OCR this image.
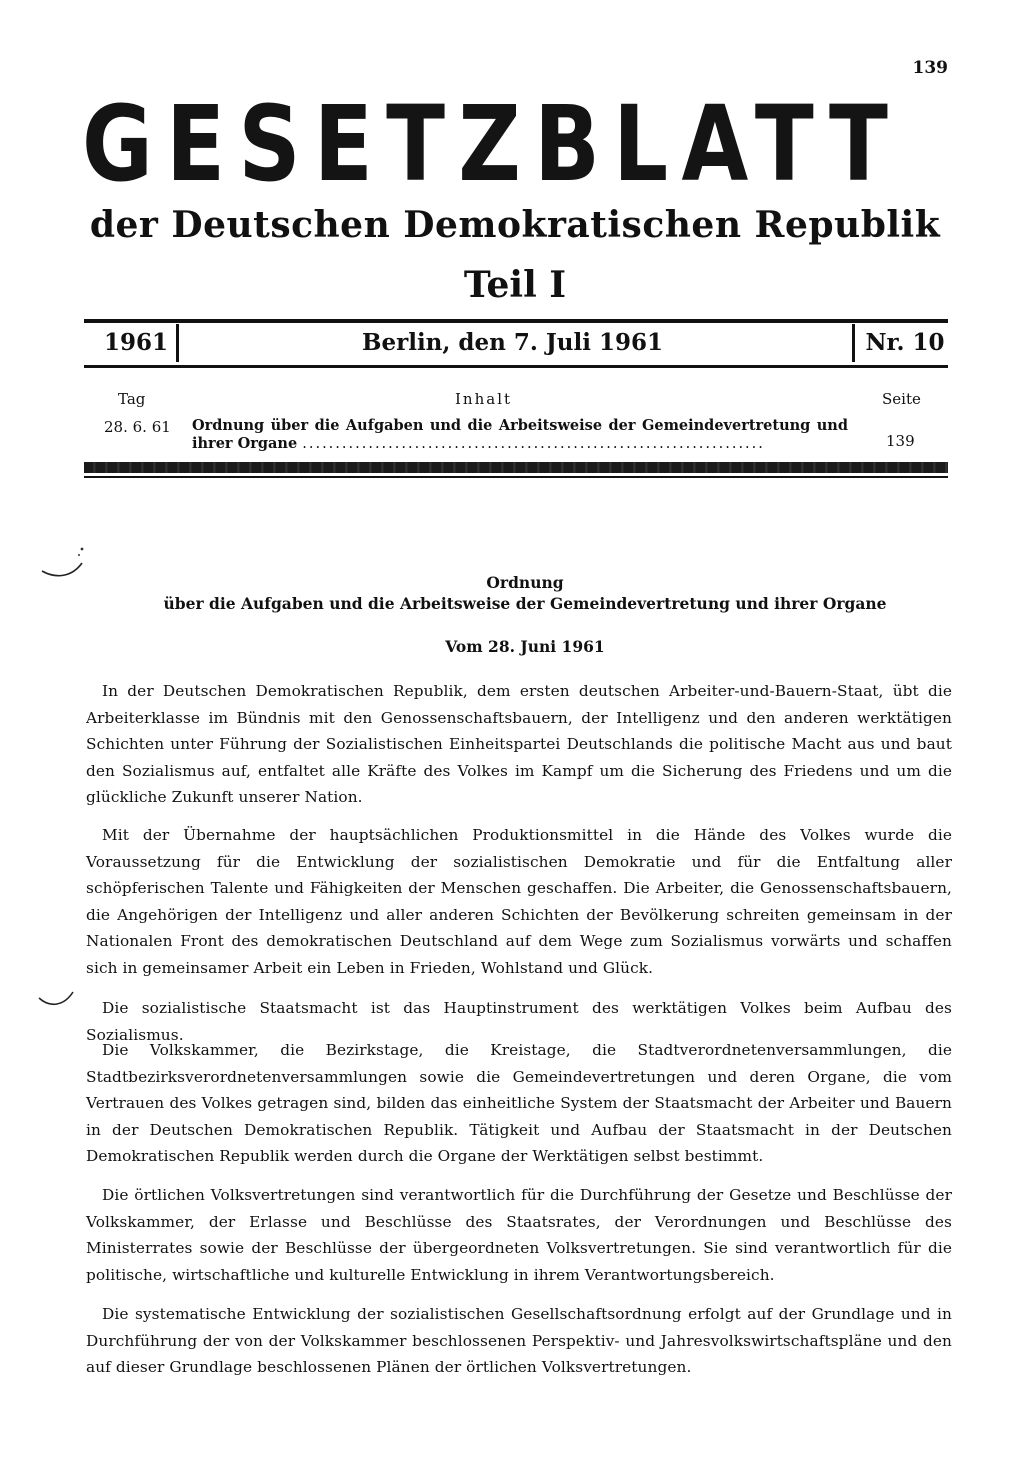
139
GESETZBLATT
der Deutschen Demokratischen Republik
Teil I
1961	Berlin, den 7. Juli 1961	Nr. 10
Tag	Inhalt	Seite
28. 6. 61 Ordnung über die Aufgaben und die Arbeitsweise der Gemeindevertretung und ihrer Organe ......................................................................	139
Ordnung
über die Aufgaben und die Arbeitsweise der Gemeindevertretung und ihrer Organe
Vom 28. Juni 1961
In der Deutschen Demokratischen Republik, dem ersten deutschen Arbeiter-und-Bauern-Staat, übt die Arbeiterklasse im Bündnis mit den Genossenschaftsbauern, der Intelligenz und den anderen werktätigen Schichten unter Führung der Sozialistischen Einheitspartei Deutschlands die politische Macht aus und baut den Sozialismus auf, entfaltet alle Kräfte des Volkes im Kampf um die Sicherung des Friedens und um die glückliche Zukunft unserer Nation.
Mit der Übernahme der hauptsächlichen Produktionsmittel in die Hände des Volkes wurde die Voraussetzung für die Entwicklung der sozialistischen Demokratie und für die Entfaltung aller schöpferischen Talente und Fähigkeiten der Menschen geschaffen. Die Arbeiter, die Genossenschaftsbauern, die Angehörigen der Intelligenz und aller anderen Schichten der Bevölkerung schreiten gemeinsam in der Nationalen Front des demokratischen Deutschland auf dem Wege zum Sozialismus vorwärts und schaffen sich in gemeinsamer Arbeit ein Leben in Frieden, Wohlstand und Glück.
Die sozialistische Staatsmacht ist das Hauptinstrument des werktätigen Volkes beim Aufbau des Sozialismus.
Die Volkskammer, die Bezirkstage, die Kreistage, die Stadtverordnetenversammlungen, die Stadtbezirksverordnetenversammlungen sowie die Gemeindevertretungen und deren Organe, die vom Vertrauen des Volkes getragen sind, bilden das einheitliche System der Staatsmacht der Arbeiter und Bauern in der Deutschen Demokratischen Republik. Tätigkeit und Aufbau der Staatsmacht in der Deutschen Demokratischen Republik werden durch die Organe der Werktätigen selbst bestimmt.
Die örtlichen Volksvertretungen sind verantwortlich für die Durchführung der Gesetze und Beschlüsse der Volkskammer, der Erlasse und Beschlüsse des Staatsrates, der Verordnungen und Beschlüsse des Ministerrates sowie der Beschlüsse der übergeordneten Volksvertretungen. Sie sind verantwortlich für die politische, wirtschaftliche und kulturelle Entwicklung in ihrem Verantwortungsbereich.
Die systematische Entwicklung der sozialistischen Gesellschaftsordnung erfolgt auf der Grundlage und in Durchführung der von der Volkskammer beschlossenen Perspektiv- und Jahresvolkswirtschaftspläne und den auf dieser Grundlage beschlossenen Plänen der örtlichen Volksvertretungen.
